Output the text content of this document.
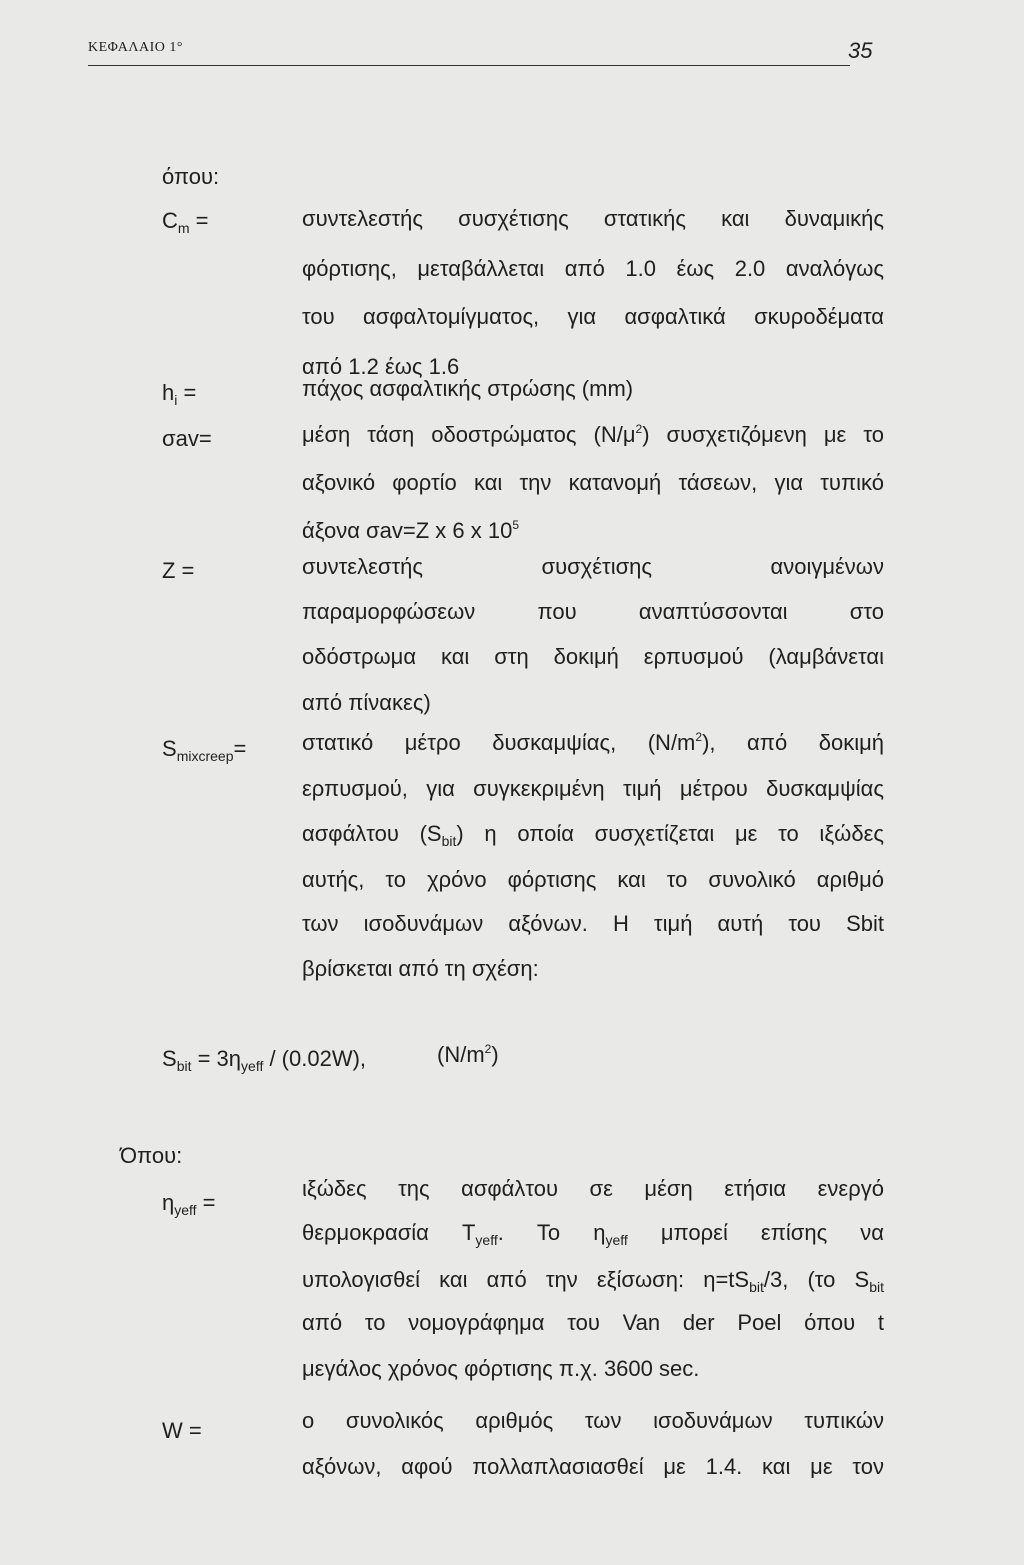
ΚΕΦΑΛΑΙΟ 1°	35
όπου:
$C_m$ =	συντελεστής συσχέτισης στατικής και δυναμικής
φόρτισης, μεταβάλλεται από 1.0 έως 2.0 αναλόγως
του ασφαλτομίγματος, για ασφαλτικά σκυροδέματα
από 1.2 έως 1.6
$h_i$ =	πάχος ασφαλτικής στρώσης (mm)
σav=	μέση τάση οδοστρώματος $(N/\mu^2)$ συσχετιζόμενη με το
αξονικό φορτίο και την κατανομή τάσεων, για τυπικό
άξονα σav=Z x 6 x $10^5$
Z =	συντελεστής συσχέτισης ανοιγμένων
παραμορφώσεων που αναπτύσσονται στο
οδόστρωμα και στη δοκιμή ερπυσμού (λαμβάνεται
από πίνακες)
$S_{mixcreep}=$	στατικό μέτρο δυσκαμψίας, $(N/m^2)$, από δοκιμή
ερπυσμού, για συγκεκριμένη τιμή μέτρου δυσκαμψίας
ασφάλτου $(S_{bit})$ η οποία συσχετίζεται με το ιξώδες
αυτής, το χρόνο φόρτισης και το συνολικό αριθμό
των ισοδυνάμων αξόνων. Η τιμή αυτή του Sbit
βρίσκεται από τη σχέση:
$S_{bit} = 3\eta_{yeff} / (0.02W)$,	$(N/m^2)$
Όπου:
$\eta_{yeff}$ =
ιξώδες της ασφάλτου σε μέση ετήσια ενεργό
θερμοκρασία $T_{yeff}$. Το $\eta_{yeff}$ μπορεί επίσης να
υπολογισθεί και από την εξίσωση: $\eta=tS_{bit}/3$, (το $S_{bit}$
από το νομογράφημα του Van der Poel όπου t
μεγάλος χρόνος φόρτισης π.χ. 3600 sec.
W =	ο συνολικός αριθμός των ισοδυνάμων τυπικών
αξόνων, αφού πολλαπλασιασθεί με 1.4. και με τον
